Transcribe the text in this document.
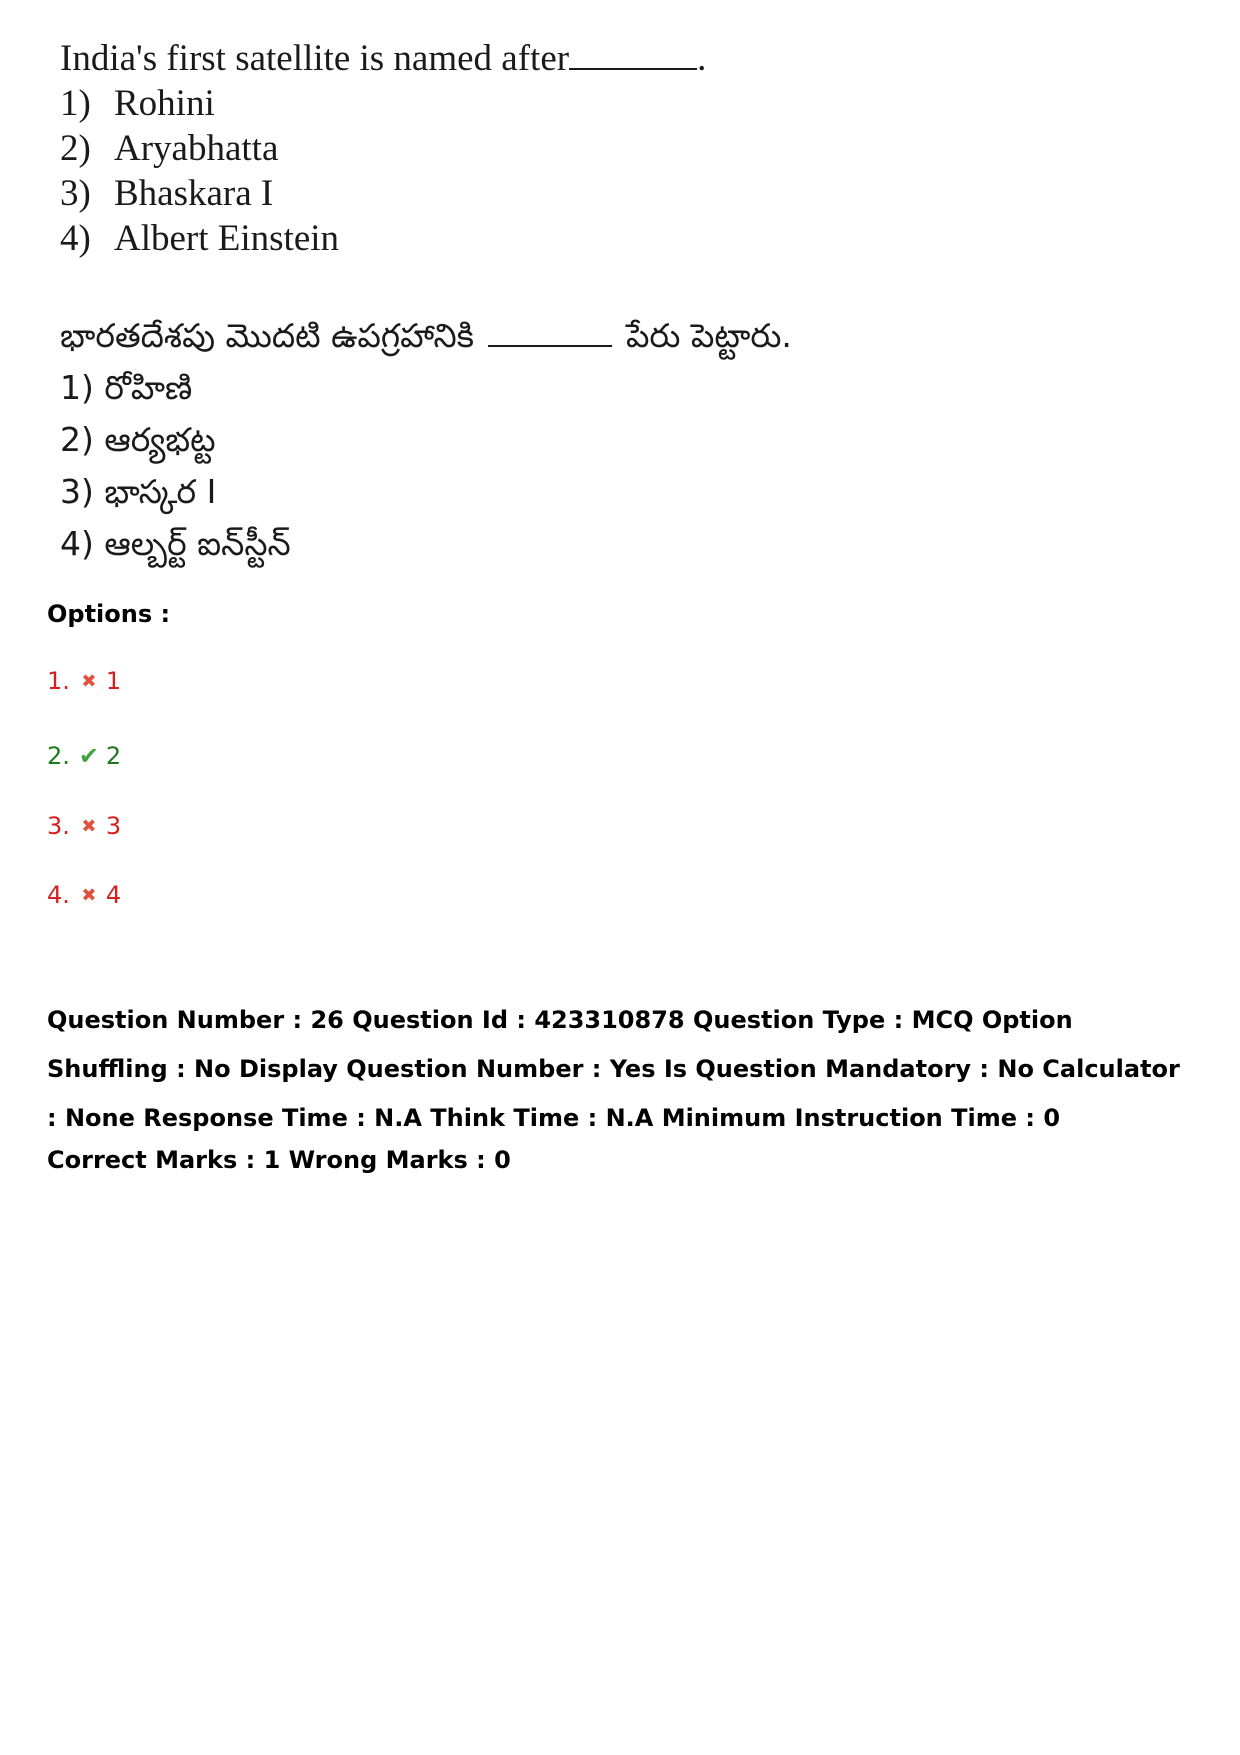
India's first satellite is named after	.
1) Rohini
2) Aryabhatta
3) Bhaskara I
4) Albert Einstein
భారతదేశపు మొదటి ఉపగ్రహానికి	పేరు పెట్టారు.
1) రోహిణి
2) ఆర్యభట్ట
3) భాస్కర I
4) ఆల్బర్ట్ ఐన్‌స్టీన్
Options :
1. ✖ 1
2. ✔ 2
3. ✖ 3
4. ✖ 4
Question Number : 26 Question Id : 423310878 Question Type : MCQ Option Shuffling : No Display Question Number : Yes Is Question Mandatory : No Calculator : None Response Time : N.A Think Time : N.A Minimum Instruction Time : 0
Correct Marks : 1 Wrong Marks : 0
